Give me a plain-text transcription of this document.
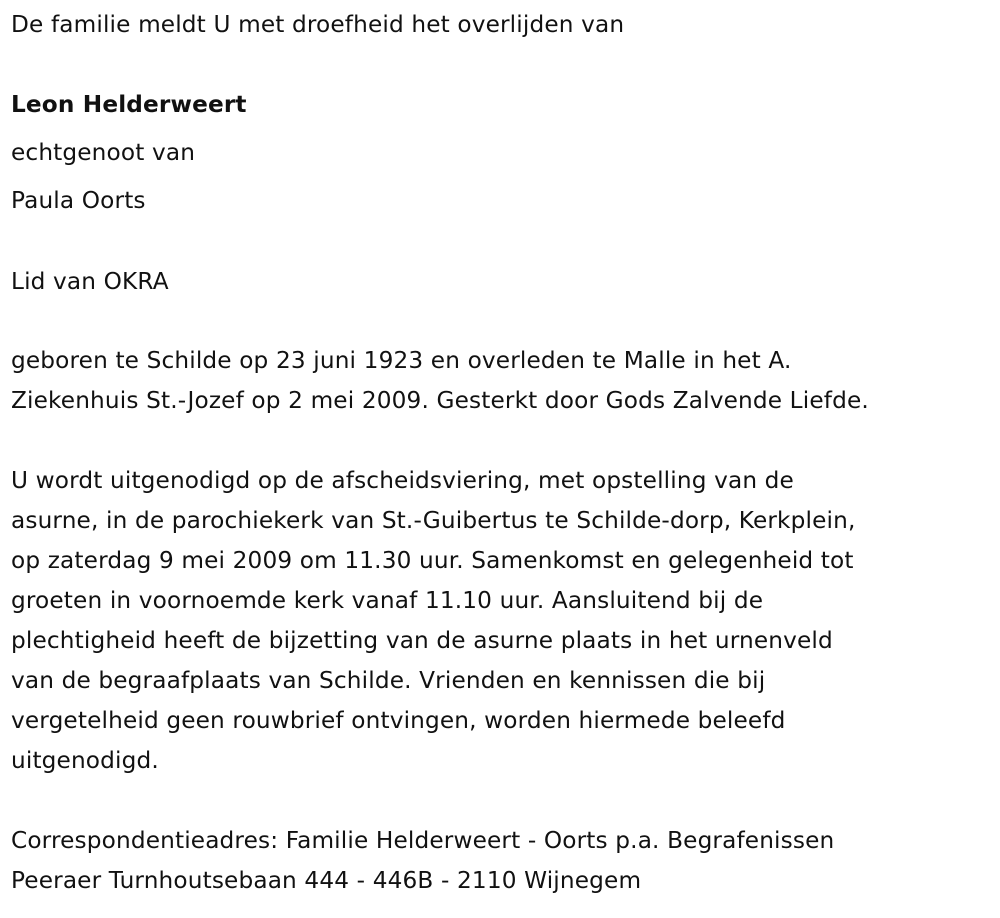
De familie meldt U met droefheid het overlijden van

Leon Helderweert

echtgenoot van

Paula Oorts

Lid van OKRA

geboren te Schilde op 23 juni 1923 en overleden te Malle in het A.

Ziekenhuis St.-Jozef op 2 mei 2009. Gesterkt door Gods Zalvende Liefde.

U wordt uitgenodigd op de afscheidsviering, met opstelling van de

asurne, in de parochiekerk van St.-Guibertus te Schilde-dorp, Kerkplein,

op zaterdag 9 mei 2009 om 11.30 uur. Samenkomst en gelegenheid tot

groeten in voornoemde kerk vanaf 11.10 uur. Aansluitend bij de

plechtigheid heeft de bijzetting van de asurne plaats in het urnenveld

van de begraafplaats van Schilde. Vrienden en kennissen die bij

vergetelheid geen rouwbrief ontvingen, worden hiermede beleefd

uitgenodigd.

Correspondentieadres: Familie Helderweert - Oorts p.a. Begrafenissen

Peeraer Turnhoutsebaan 444 - 446B - 2110 Wijnegem
